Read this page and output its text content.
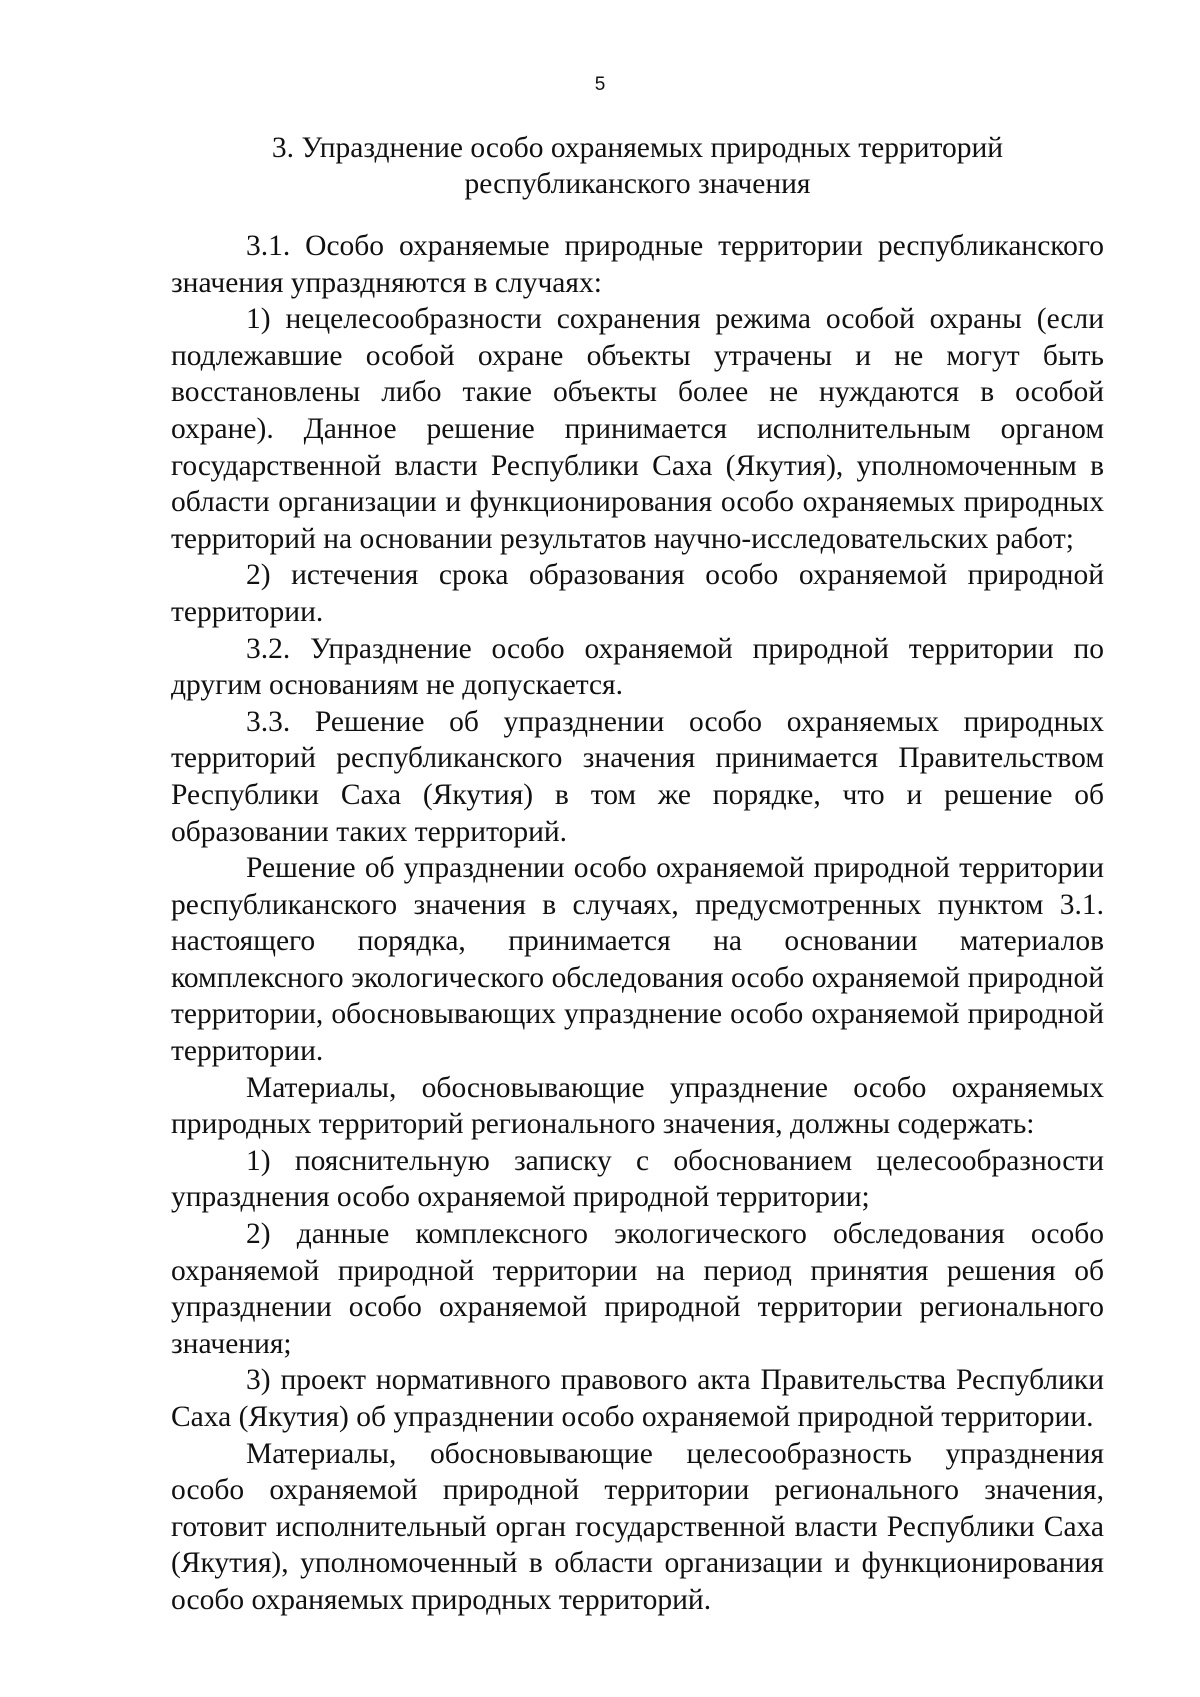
5
3. Упразднение особо охраняемых природных территорий
республиканского значения

3.1. Особо охраняемые природные территории республиканского значения упраздняются в случаях:

1) нецелесообразности сохранения режима особой охраны (если подлежавшие особой охране объекты утрачены и не могут быть восстановлены либо такие объекты более не нуждаются в особой охране). Данное решение принимается исполнительным органом государственной власти Республики Саха (Якутия), уполномоченным в области организации и функционирования особо охраняемых природных территорий на основании результатов научно-исследовательских работ;

2) истечения срока образования особо охраняемой природной территории.

3.2. Упразднение особо охраняемой природной территории по другим основаниям не допускается.

3.3. Решение об упразднении особо охраняемых природных территорий республиканского значения принимается Правительством Республики Саха (Якутия) в том же порядке, что и решение об образовании таких территорий.

Решение об упразднении особо охраняемой природной территории республиканского значения в случаях, предусмотренных пунктом 3.1. настоящего порядка, принимается на основании материалов комплексного экологического обследования особо охраняемой природной территории, обосновывающих упразднение особо охраняемой природной территории.

Материалы, обосновывающие упразднение особо охраняемых природных территорий регионального значения, должны содержать:

1) пояснительную записку с обоснованием целесообразности упразднения особо охраняемой природной территории;

2) данные комплексного экологического обследования особо охраняемой природной территории на период принятия решения об упразднении особо охраняемой природной территории регионального значения;

3) проект нормативного правового акта Правительства Республики Саха (Якутия) об упразднении особо охраняемой природной территории.

Материалы, обосновывающие целесообразность упразднения особо охраняемой природной территории регионального значения, готовит исполнительный орган государственной власти Республики Саха (Якутия), уполномоченный в области организации и функционирования особо охраняемых природных территорий.
